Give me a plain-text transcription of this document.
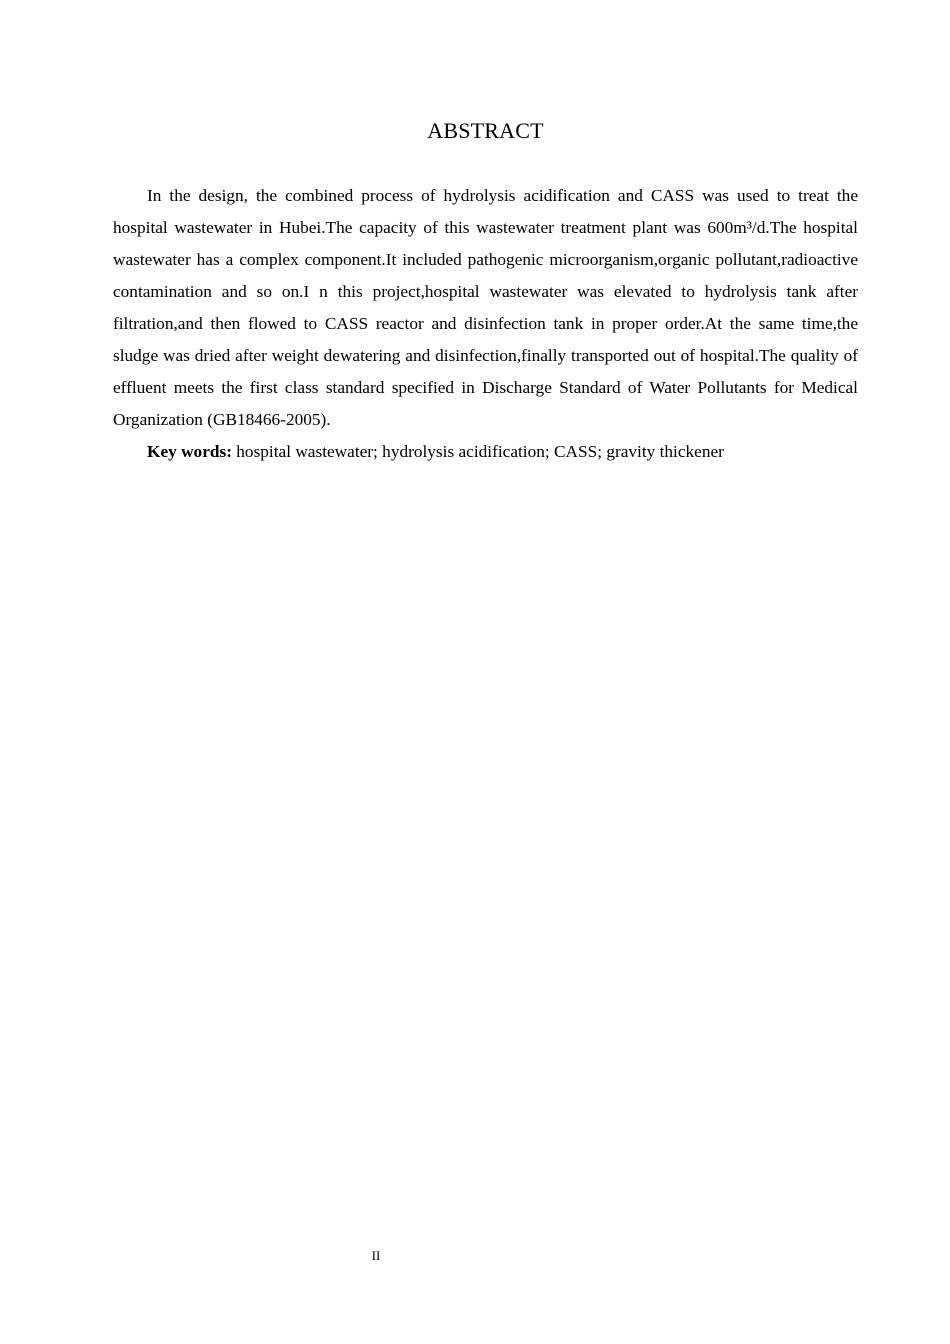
ABSTRACT

In the design, the combined process of hydrolysis acidification and CASS was used to treat the hospital wastewater in Hubei.The capacity of this wastewater treatment plant was 600m³/d.The hospital wastewater has a complex component.It included pathogenic microorganism,organic pollutant,radioactive contamination and so on.I n this project,hospital wastewater was elevated to hydrolysis tank after filtration,and then flowed to CASS reactor and disinfection tank in proper order.At the same time,the sludge was dried after weight dewatering and disinfection,finally transported out of hospital.The quality of effluent meets the first class standard specified in Discharge Standard of Water Pollutants for Medical Organization (GB18466-2005).

Key words: hospital wastewater; hydrolysis acidification; CASS; gravity thickener

II
